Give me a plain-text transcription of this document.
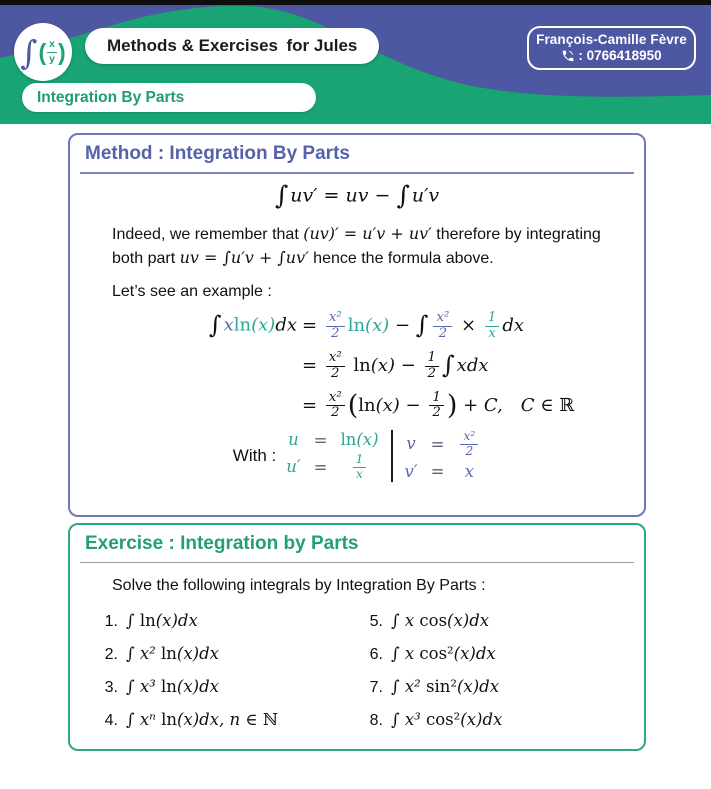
∫ ( $\frac{x}{y}$ ) Methods & Exercises for Jules	François-Camille Fèvre
: 0766418950
Integration By Parts
Method : Integration By Parts
∫ uv′ = uv − ∫ u′v

Indeed, we remember that (uv)′ = u′v + uv′ therefore by integrating
both part uv = ∫u′v + ∫uv′ hence the formula above.

Let’s see an example :

∫ $xln(x)dx = \frac{\text{x²}}{2} \ln(x)$ − ∫ $\frac{\text{x²}}{2} \times \frac{1}{x}$ dx
= $\frac{\text{x²}}{2} \ln(x) - \frac{1}{2}$ ∫ xdx
= $\frac{\text{x²}}{2} (\ln(x) - \frac{1}{2}$ ) + C,  C ∈ ℝ
With :
u = ln(x)
$u' = \frac{1}{x}$
$v = \frac{\text{x²}}{2}$
v′ = x
Exercise : Integration by Parts

Solve the following integrals by Integration By Parts :

1. ∫ ln(x)dx
2. ∫ x² ln(x)dx
3. ∫ x³ ln(x)dx
4. ∫ xⁿ ln(x)dx, n ∈ ℕ
5. ∫ x cos(x)dx
6. ∫ x cos²(x)dx
7. ∫ x² sin²(x)dx
8. ∫ x³ cos²(x)dx
